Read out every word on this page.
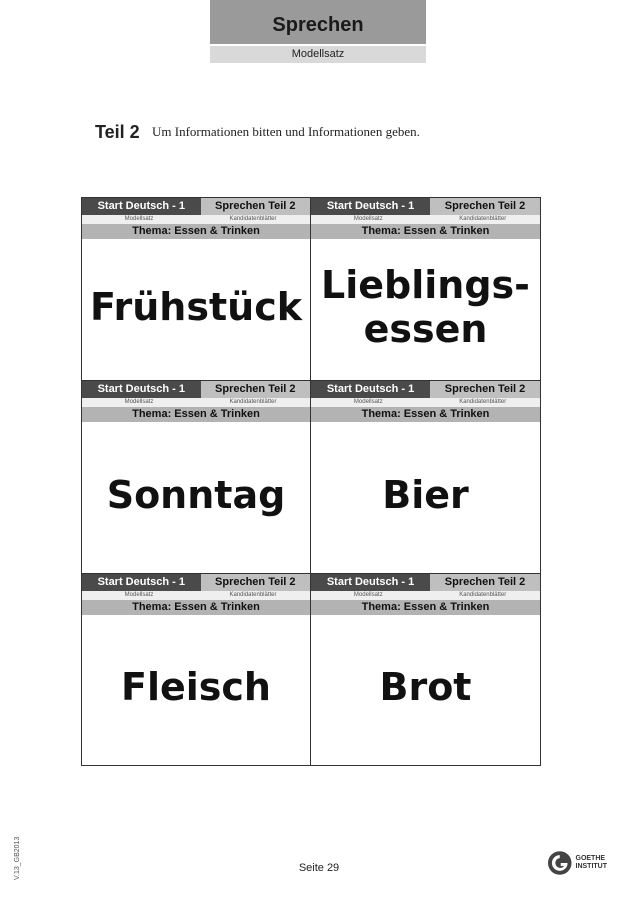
Sprechen
Modellsatz
Teil 2 Um Informationen bitten und Informationen geben.
Start Deutsch - 1	Sprechen Teil 2
Modellsatz	Kandidatenblätter
Thema: Essen & Trinken
Frühstück
Start Deutsch - 1	Sprechen Teil 2
Modellsatz	Kandidatenblätter
Thema: Essen & Trinken
Lieblings-
essen
Start Deutsch - 1	Sprechen Teil 2
Modellsatz	Kandidatenblätter
Thema: Essen & Trinken
Sonntag
Start Deutsch - 1	Sprechen Teil 2
Modellsatz	Kandidatenblätter
Thema: Essen & Trinken
Bier
Start Deutsch - 1	Sprechen Teil 2
Modellsatz	Kandidatenblätter
Thema: Essen & Trinken
Fleisch
Start Deutsch - 1	Sprechen Teil 2
Modellsatz	Kandidatenblätter
Thema: Essen & Trinken
Brot
V.13_GB2013	Seite 29
GOETHE
INSTITUT
